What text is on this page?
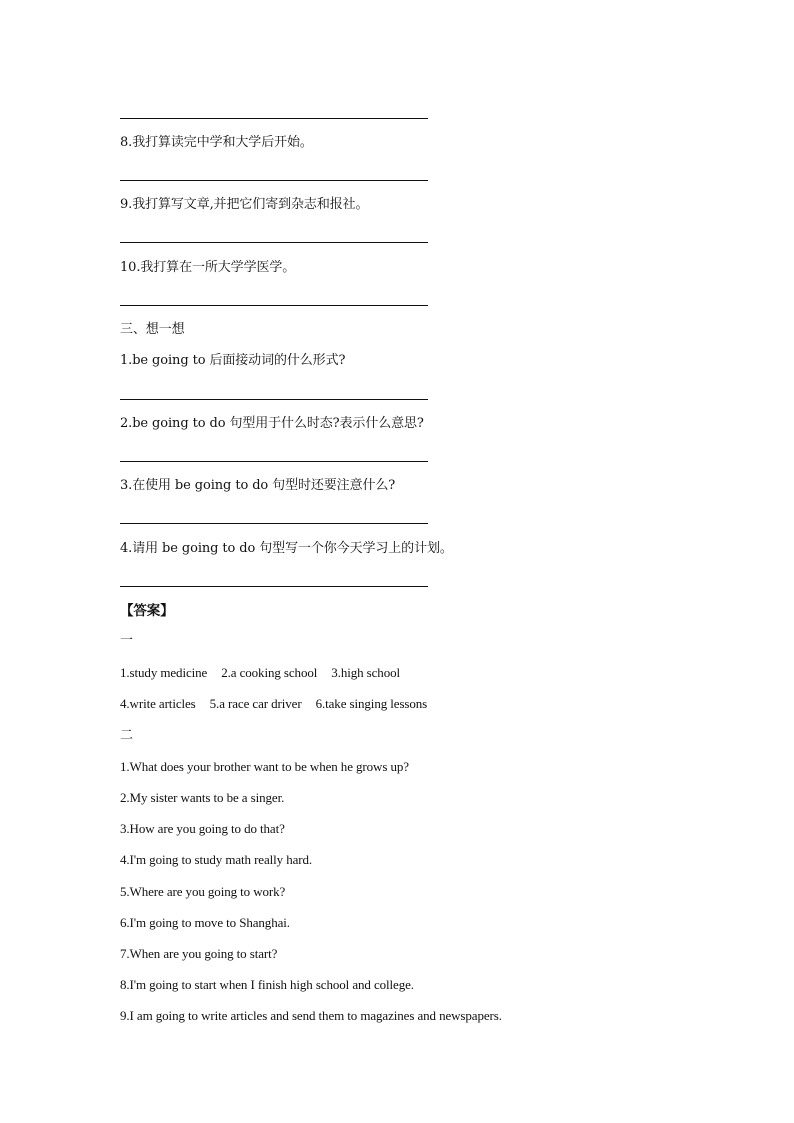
8.我打算读完中学和大学后开始。
9.我打算写文章,并把它们寄到杂志和报社。
10.我打算在一所大学学医学。
三、想一想
1.be going to 后面接动词的什么形式?
2.be going to do 句型用于什么时态?表示什么意思?
3.在使用 be going to do 句型时还要注意什么?
4.请用 be going to do 句型写一个你今天学习上的计划。
【答案】
一
1.study medicine 2.a cooking school 3.high school
4.write articles 5.a race car driver 6.take singing lessons
二
1.What does your brother want to be when he grows up?
2.My sister wants to be a singer.
3.How are you going to do that?
4.I'm going to study math really hard.
5.Where are you going to work?
6.I'm going to move to Shanghai.
7.When are you going to start?
8.I'm going to start when I finish high school and college.
9.I am going to write articles and send them to magazines and newspapers.
